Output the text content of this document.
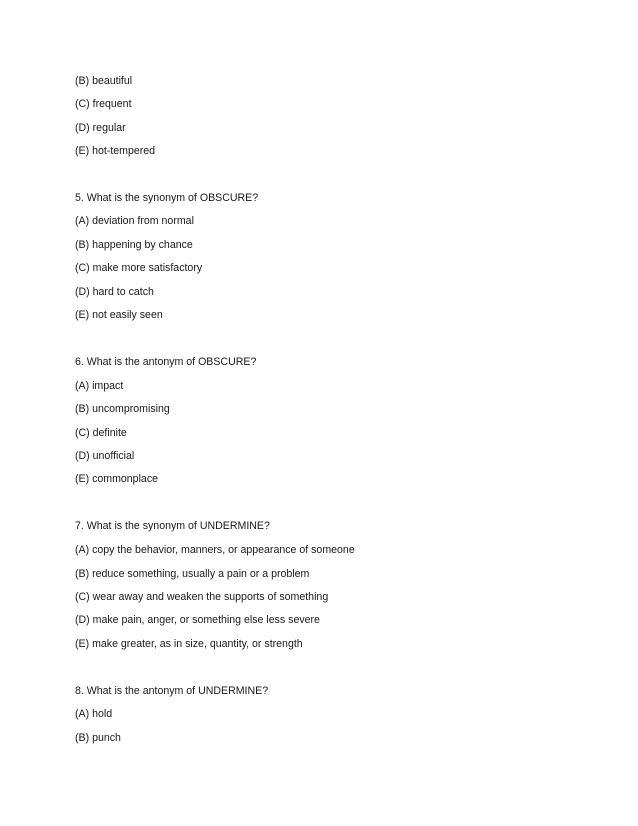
(B) beautiful
(C) frequent
(D) regular
(E) hot-tempered
5. What is the synonym of OBSCURE?
(A) deviation from normal
(B) happening by chance
(C) make more satisfactory
(D) hard to catch
(E) not easily seen
6. What is the antonym of OBSCURE?
(A) impact
(B) uncompromising
(C) definite
(D) unofficial
(E) commonplace
7. What is the synonym of UNDERMINE?
(A) copy the behavior, manners, or appearance of someone
(B) reduce something, usually a pain or a problem
(C) wear away and weaken the supports of something
(D) make pain, anger, or something else less severe
(E) make greater, as in size, quantity, or strength
8. What is the antonym of UNDERMINE?
(A) hold
(B) punch
